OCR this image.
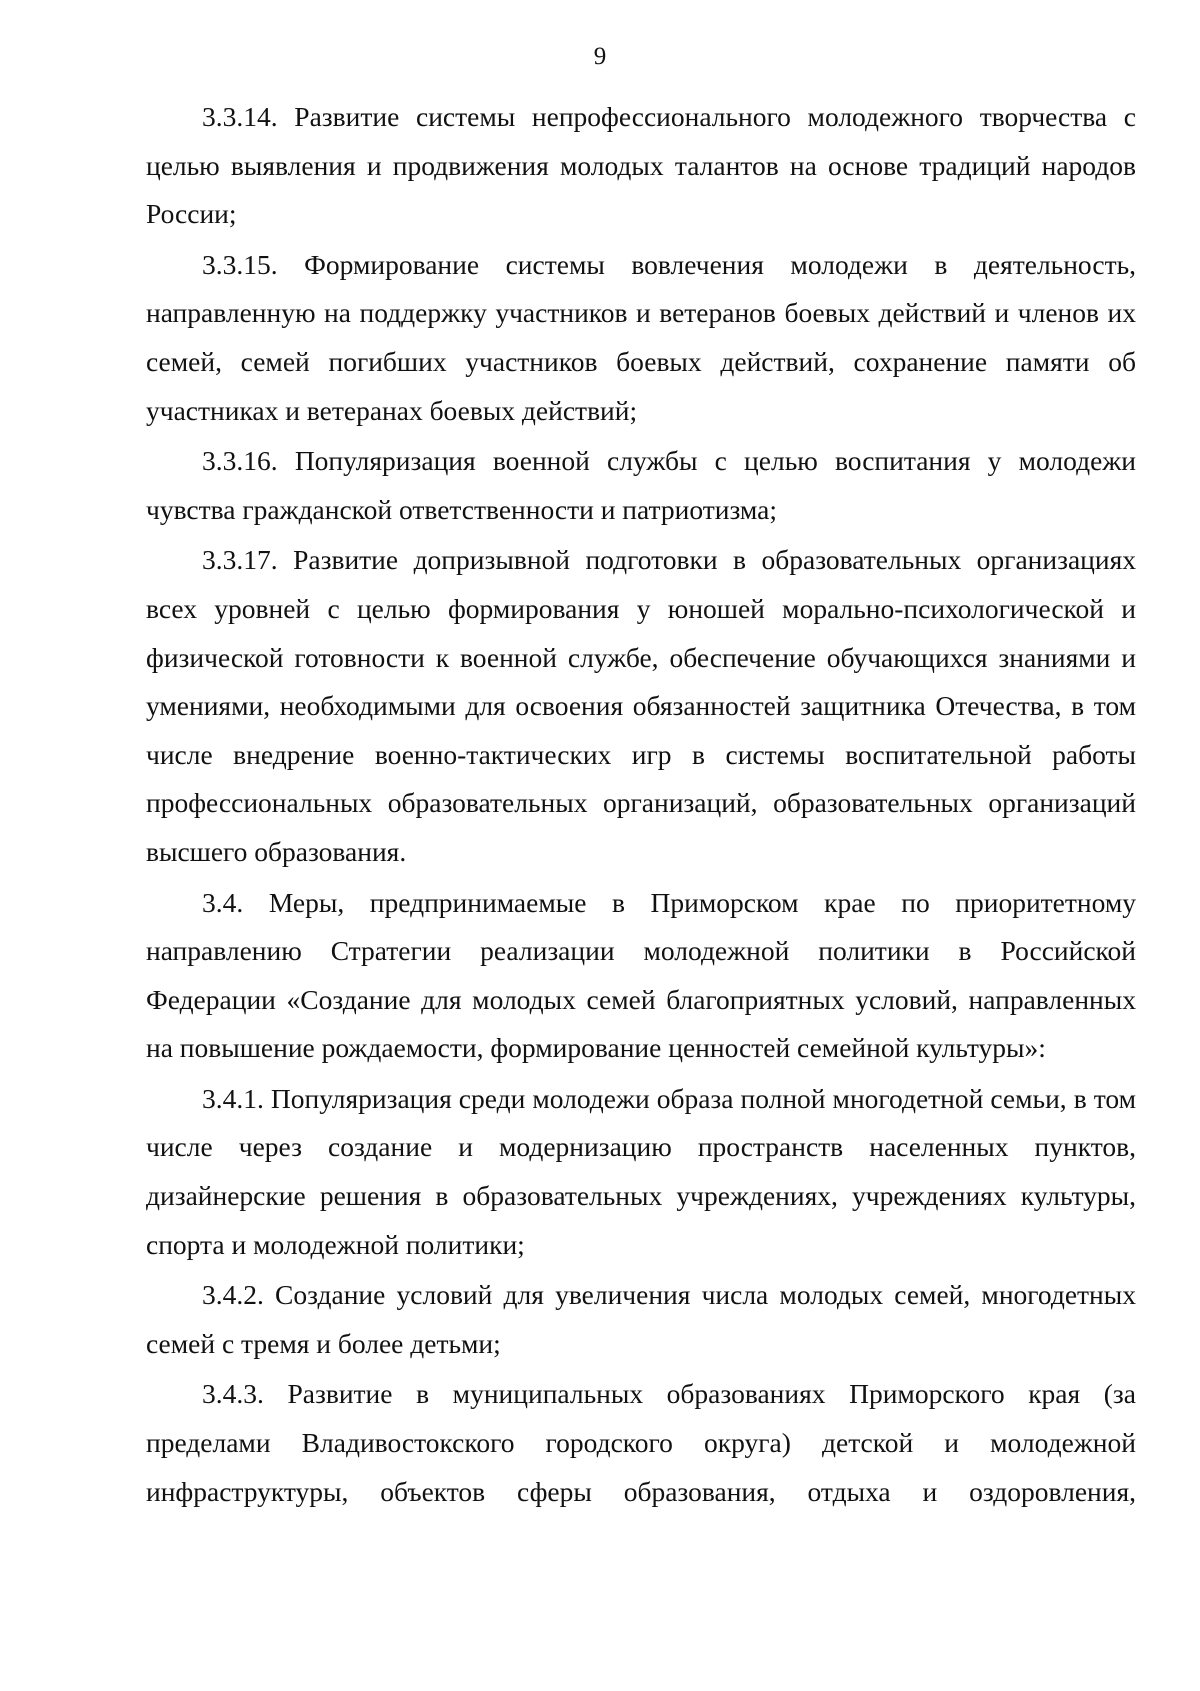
9

3.3.14. Развитие системы непрофессионального молодежного творчества с целью выявления и продвижения молодых талантов на основе традиций народов России;

3.3.15. Формирование системы вовлечения молодежи в деятельность, направленную на поддержку участников и ветеранов боевых действий и членов их семей, семей погибших участников боевых действий, сохранение памяти об участниках и ветеранах боевых действий;

3.3.16. Популяризация военной службы с целью воспитания у молодежи чувства гражданской ответственности и патриотизма;

3.3.17. Развитие допризывной подготовки в образовательных организациях всех уровней с целью формирования у юношей морально-психологической и физической готовности к военной службе, обеспечение обучающихся знаниями и умениями, необходимыми для освоения обязанностей защитника Отечества, в том числе внедрение военно-тактических игр в системы воспитательной работы профессиональных образовательных организаций, образовательных организаций высшего образования.

3.4. Меры, предпринимаемые в Приморском крае по приоритетному направлению Стратегии реализации молодежной политики в Российской Федерации «Создание для молодых семей благоприятных условий, направленных на повышение рождаемости, формирование ценностей семейной культуры»:

3.4.1. Популяризация среди молодежи образа полной многодетной семьи, в том числе через создание и модернизацию пространств населенных пунктов, дизайнерские решения в образовательных учреждениях, учреждениях культуры, спорта и молодежной политики;

3.4.2. Создание условий для увеличения числа молодых семей, многодетных семей с тремя и более детьми;

3.4.3. Развитие в муниципальных образованиях Приморского края (за пределами Владивостокского городского округа) детской и молодежной инфраструктуры, объектов сферы образования, отдыха и оздоровления,
